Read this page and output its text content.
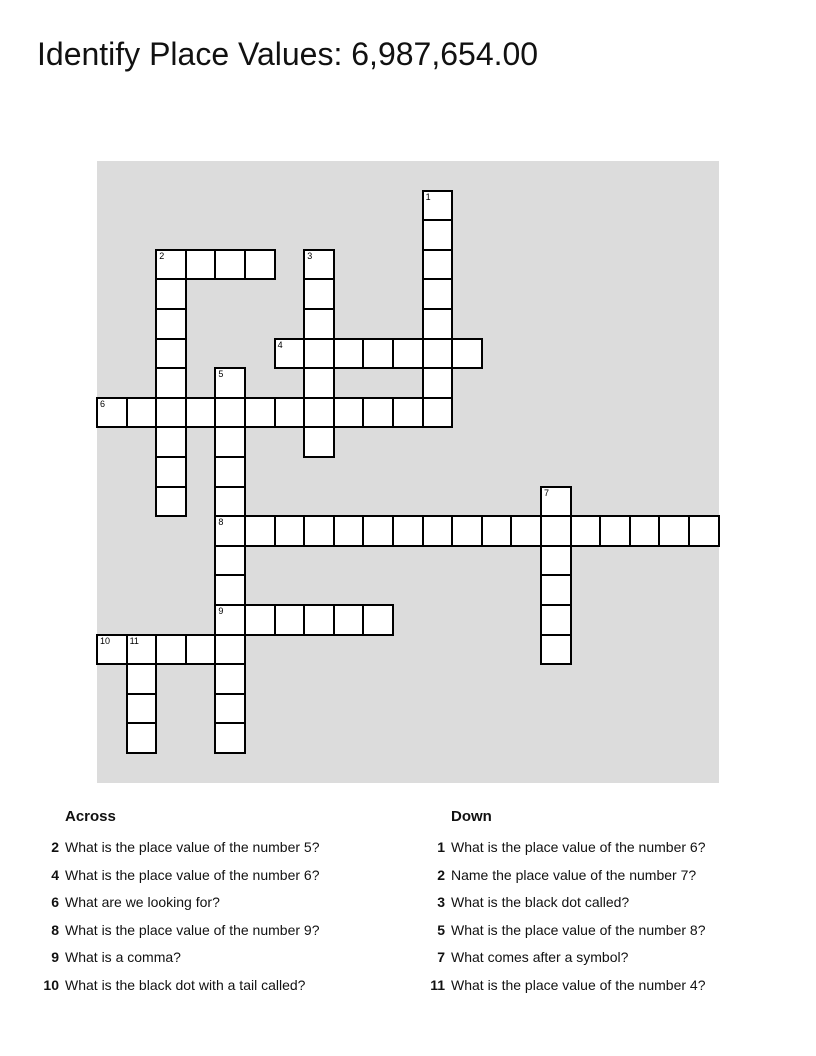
Identify Place Values: 6,987,654.00
1
2	3
4
5
8
9
6
7
10 11
Across
2 What is the place value of the number 5?
4 What is the place value of the number 6?
6 What are we looking for?
8 What is the place value of the number 9?
9 What is a comma?
10 What is the black dot with a tail called?
Down
1 What is the place value of the number 6?
2 Name the place value of the number 7?
3 What is the black dot called?
5 What is the place value of the number 8?
7 What comes after a symbol?
11 What is the place value of the number 4?
